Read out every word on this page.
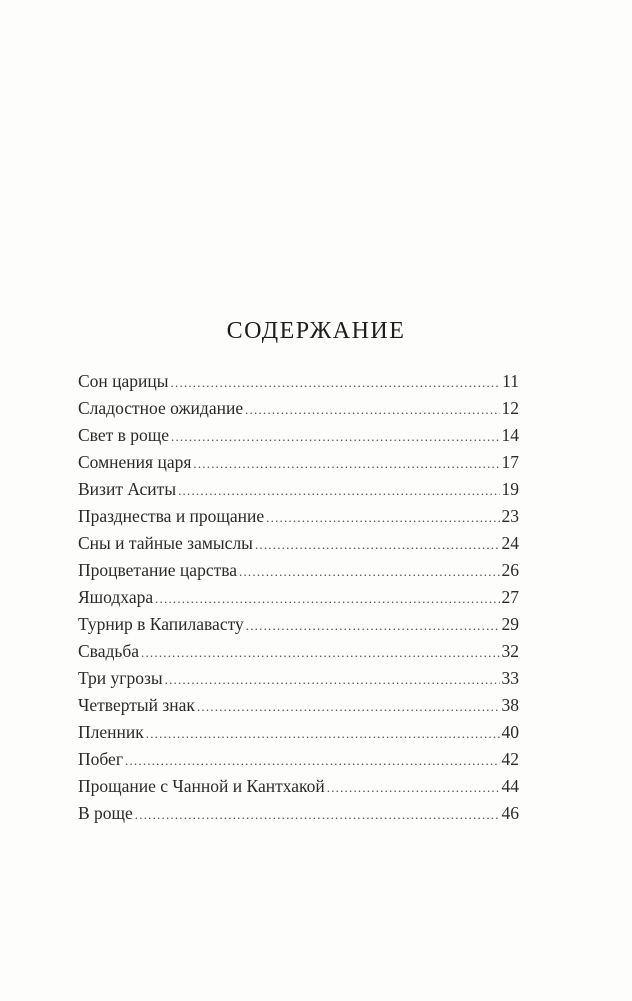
СОДЕРЖАНИЕ
Сон царицы .....	11
Сладостное ожидание .....	12
Свет в роще .....	14
Сомнения царя .....	17
Визит Аситы .....	19
Празднества и прощание .....	23
Сны и тайные замыслы .....	24
Процветание царства .....	26
Яшодхара .....	27
Турнир в Капилавасту .....	29
Свадьба .....	32
Три угрозы .....	33
Четвертый знак .....	38
Пленник .....	40
Побег .....	42
Прощание с Чанной и Кантхакой .....	44
В роще .....	46
